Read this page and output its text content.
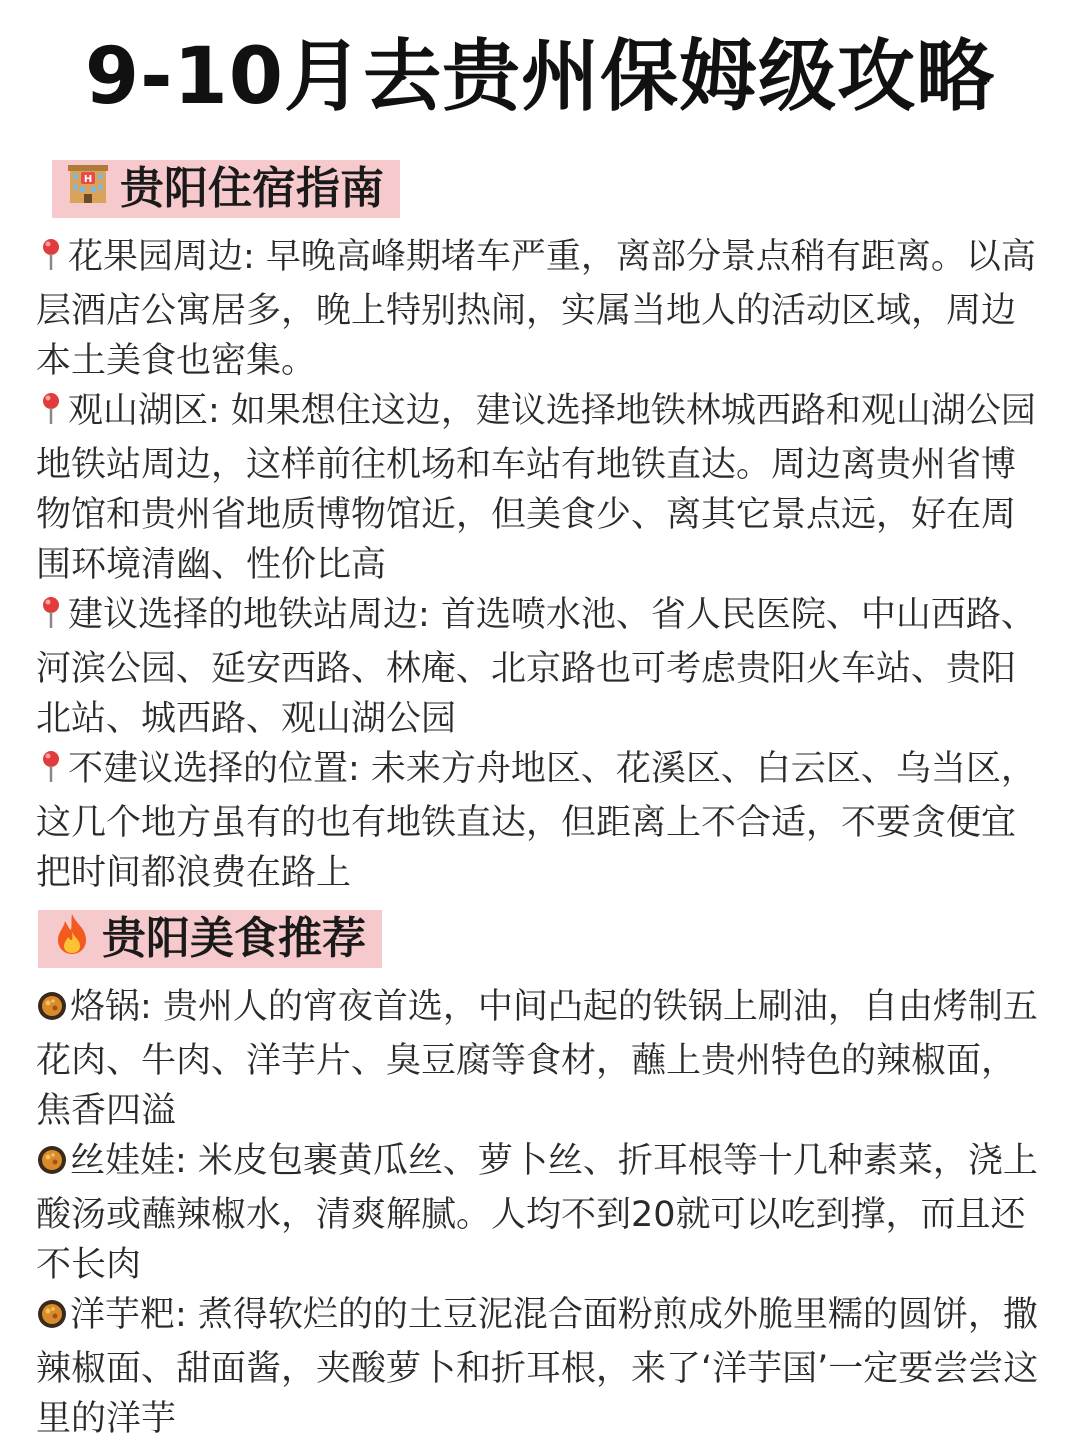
9-10月去贵州保姆级攻略
H 贵阳住宿指南

花果园周边: 早晚高峰期堵车严重，离部分景点稍有距离。以高层酒店公寓居多，晚上特别热闹，实属当地人的活动区域，周边本土美食也密集。

观山湖区: 如果想住这边，建议选择地铁林城西路和观山湖公园地铁站周边，这样前往机场和车站有地铁直达。周边离贵州省博物馆和贵州省地质博物馆近，但美食少、离其它景点远，好在周围环境清幽、性价比高

建议选择的地铁站周边: 首选喷水池、省人民医院、中山西路、河滨公园、延安西路、林庵、北京路也可考虑贵阳火车站、贵阳北站、城西路、观山湖公园

不建议选择的位置: 未来方舟地区、花溪区、白云区、乌当区，这几个地方虽有的也有地铁直达，但距离上不合适，不要贪便宜把时间都浪费在路上

贵阳美食推荐

烙锅: 贵州人的宵夜首选，中间凸起的铁锅上刷油，自由烤制五花肉、牛肉、洋芋片、臭豆腐等食材，蘸上贵州特色的辣椒面，焦香四溢

丝娃娃: 米皮包裹黄瓜丝、萝卜丝、折耳根等十几种素菜，浇上酸汤或蘸辣椒水，清爽解腻。人均不到20就可以吃到撑，而且还不长肉

洋芋粑: 煮得软烂的的土豆泥混合面粉煎成外脆里糯的圆饼，撒辣椒面、甜面酱，夹酸萝卜和折耳根，来了‘洋芋国’一定要尝尝这里的洋芋
